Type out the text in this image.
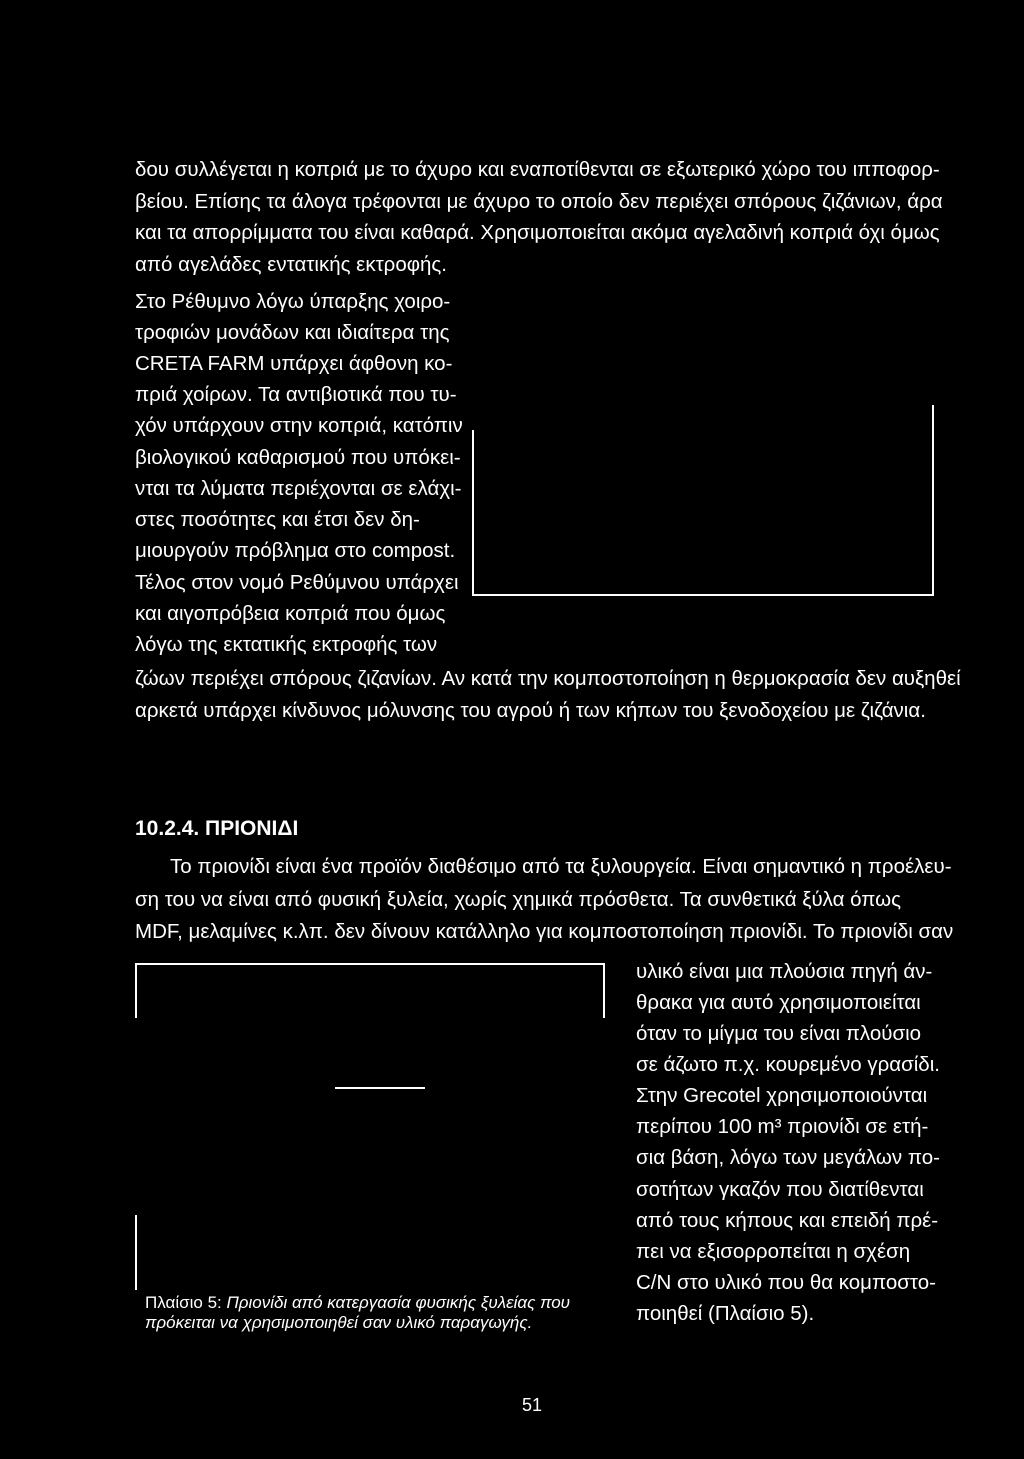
δου συλλέγεται η κοπριά με το άχυρο και εναποτίθενται σε εξωτερικό χώρο του ιπποφορ-
βείου. Επίσης τα άλογα τρέφονται με άχυρο το οποίο δεν περιέχει σπόρους ζιζάνιων, άρα
και τα απορρίμματα του είναι καθαρά. Χρησιμοποιείται ακόμα αγελαδινή κοπριά όχι όμως
από αγελάδες εντατικής εκτροφής.
Στο Ρέθυμνο λόγω ύπαρξης χοιρο-
τροφιών μονάδων και ιδιαίτερα της
CRETA FARM υπάρχει άφθονη κο-
πριά χοίρων. Τα αντιβιοτικά που τυ-
χόν υπάρχουν στην κοπριά, κατόπιν
βιολογικού καθαρισμού που υπόκει-
νται τα λύματα περιέχονται σε ελάχι-
στες ποσότητες και έτσι δεν δη-
μιουργούν πρόβλημα στο compost.
Τέλος στον νομό Ρεθύμνου υπάρχει
και αιγοπρόβεια κοπριά που όμως
λόγω της εκτατικής εκτροφής των
ζώων περιέχει σπόρους ζιζανίων. Αν κατά την κομποστοποίηση η θερμοκρασία δεν αυξηθεί
αρκετά υπάρχει κίνδυνος μόλυνσης του αγρού ή των κήπων του ξενοδοχείου με ζιζάνια.
10.2.4. ΠΡΙΟΝΙΔΙ
Το πριονίδι είναι ένα προϊόν διαθέσιμο από τα ξυλουργεία. Είναι σημαντικό η προέλευ-
ση του να είναι από φυσική ξυλεία, χωρίς χημικά πρόσθετα. Τα συνθετικά ξύλα όπως
MDF, μελαμίνες κ.λπ. δεν δίνουν κατάλληλο για κομποστοποίηση πριονίδι. Το πριονίδι σαν
υλικό είναι μια πλούσια πηγή άν-
θρακα για αυτό χρησιμοποιείται
όταν το μίγμα του είναι πλούσιο
σε άζωτο π.χ. κουρεμένο γρασίδι.
Στην Grecotel χρησιμοποιούνται
περίπου 100 m³ πριονίδι σε ετή-
σια βάση, λόγω των μεγάλων πο-
σοτήτων γκαζόν που διατίθενται
από τους κήπους και επειδή πρέ-
πει να εξισορροπείται η σχέση
C/N στο υλικό που θα κομποστο-
ποιηθεί (Πλαίσιο 5).
Πλαίσιο 5: Πριονίδι από κατεργασία φυσικής ξυλείας που
πρόκειται να χρησιμοποιηθεί σαν υλικό παραγωγής.
51
